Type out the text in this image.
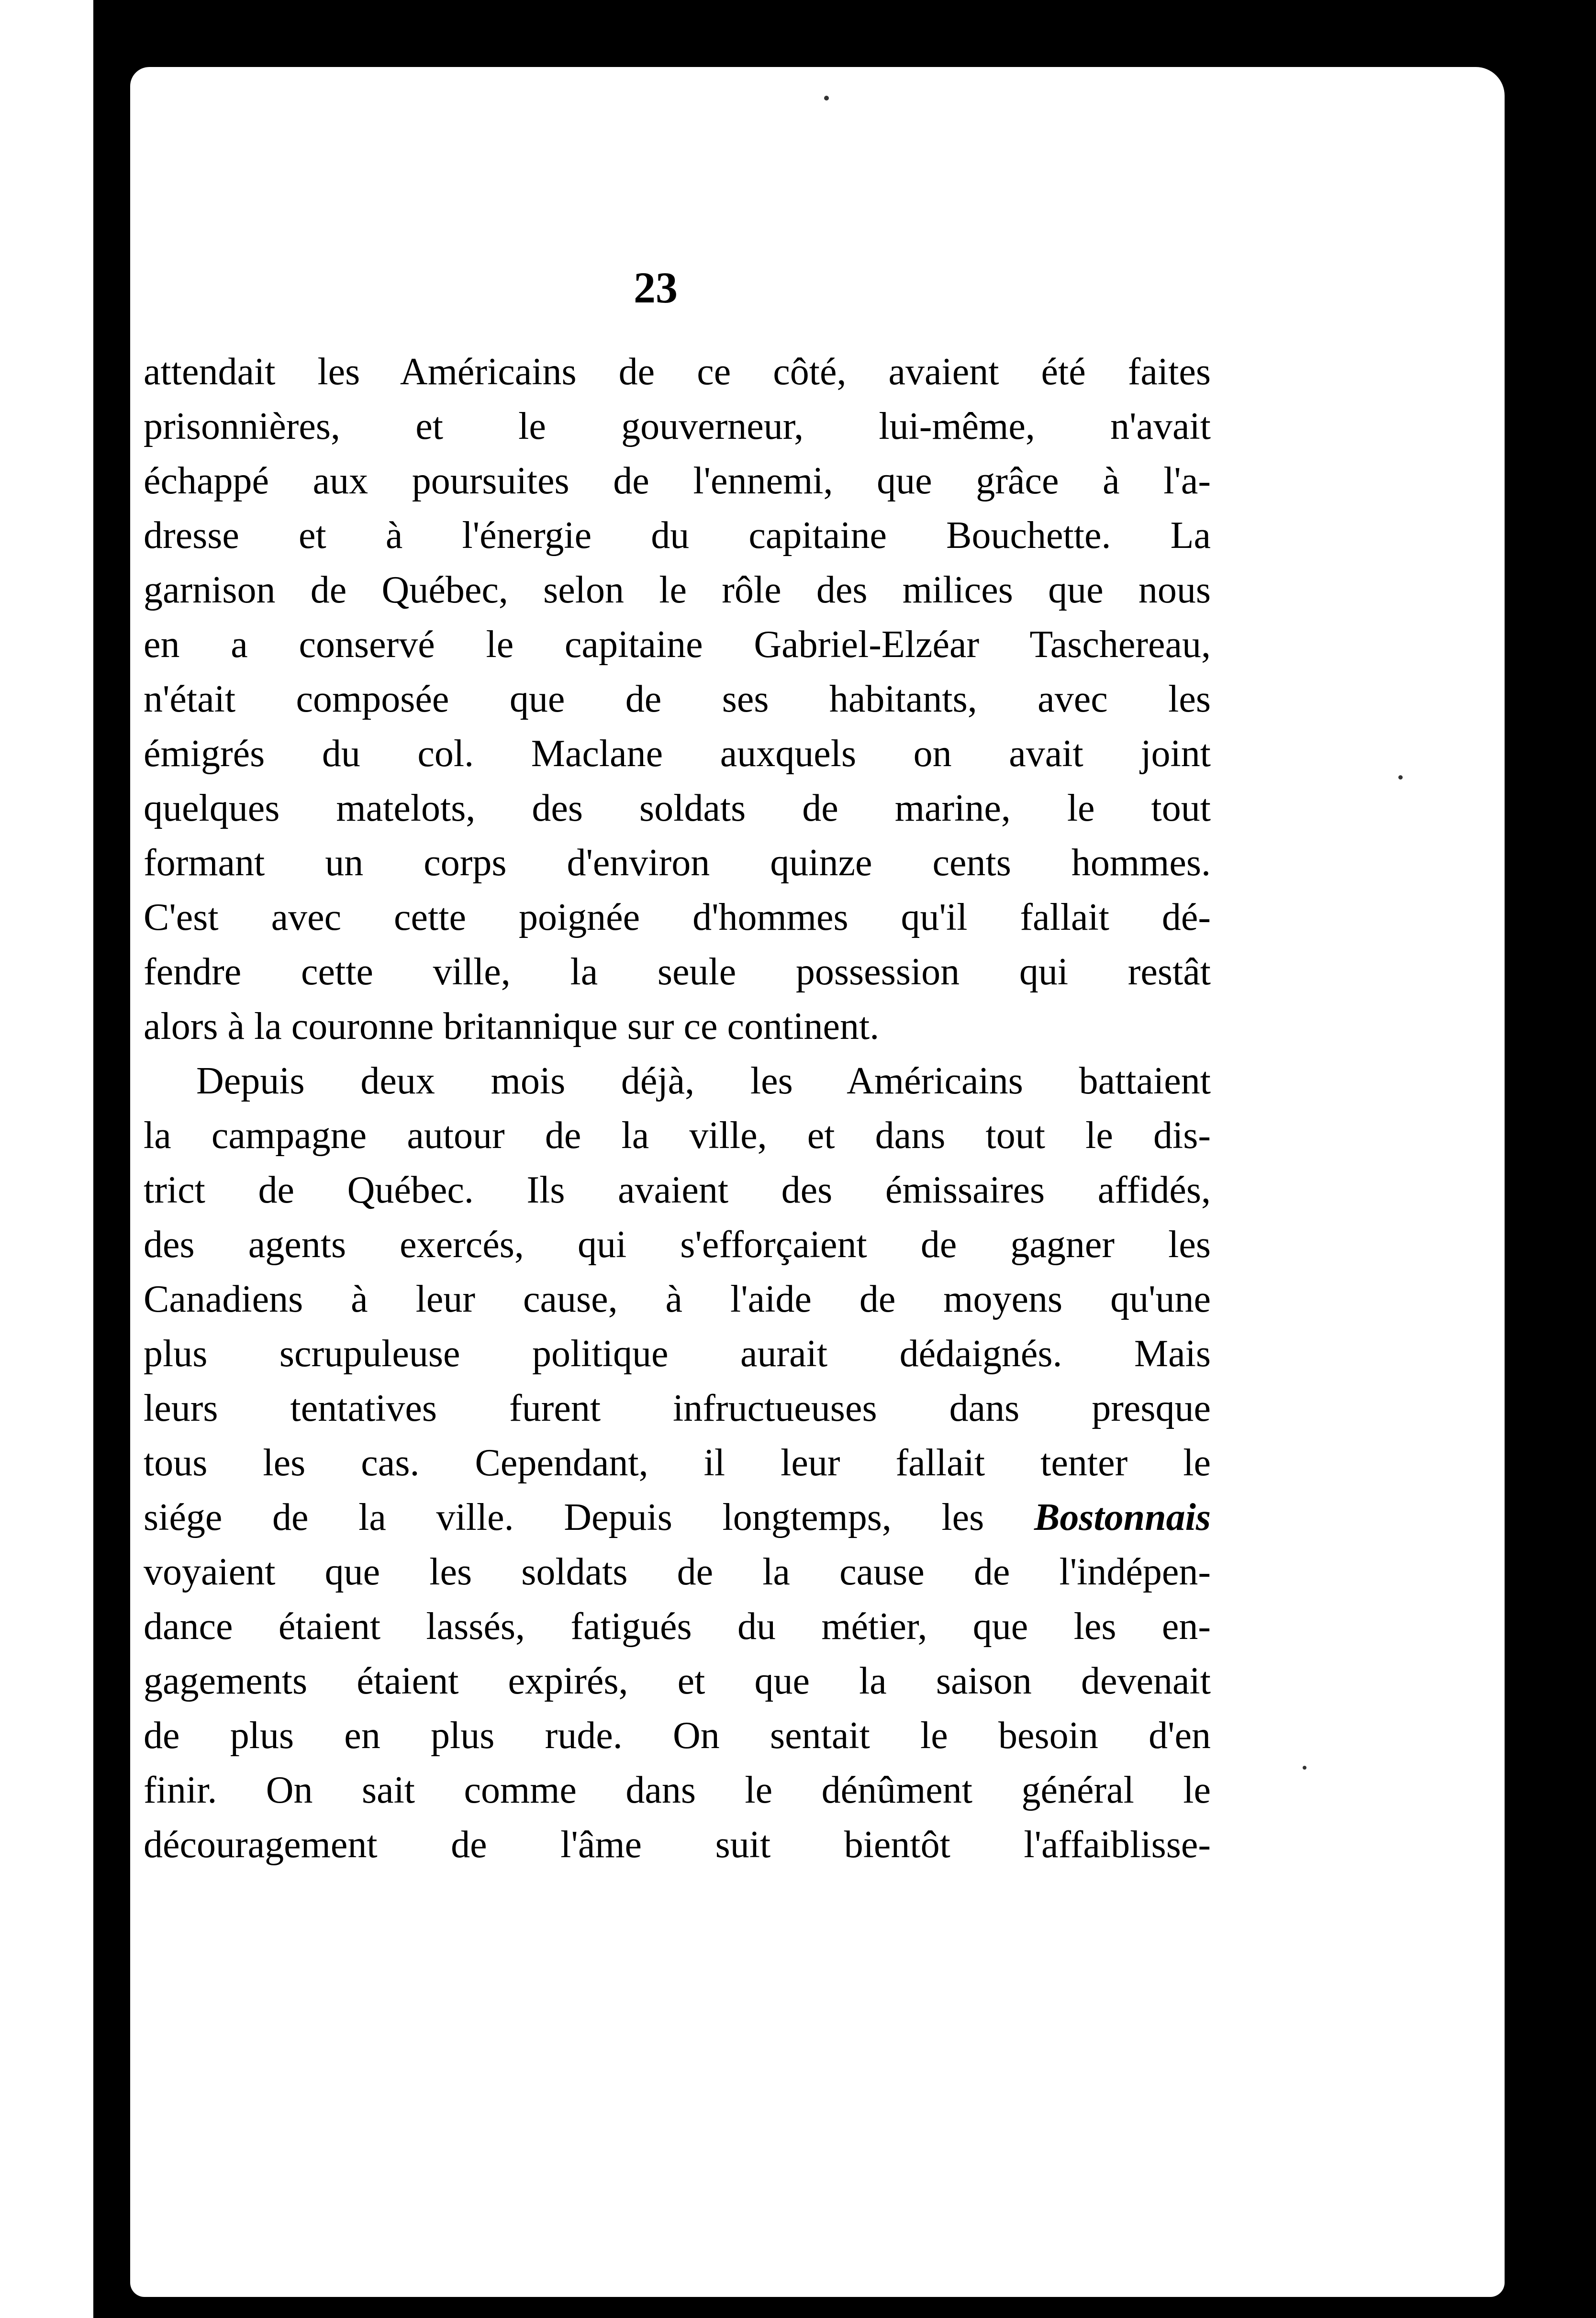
23
attendait les Américains de ce côté, avaient été faites
prisonnières, et le gouverneur, lui-même, n'avait
échappé aux poursuites de l'ennemi, que grâce à l'a-
dresse et à l'énergie du capitaine Bouchette. La
garnison de Québec, selon le rôle des milices que nous
en a conservé le capitaine Gabriel-Elzéar Taschereau,
n'était composée que de ses habitants, avec les
émigrés du col. Maclane auxquels on avait joint
quelques matelots, des soldats de marine, le tout
formant un corps d'environ quinze cents hommes.
C'est avec cette poignée d'hommes qu'il fallait dé-
fendre cette ville, la seule possession qui restât
alors à la couronne britannique sur ce continent.
Depuis deux mois déjà, les Américains battaient
la campagne autour de la ville, et dans tout le dis-
trict de Québec. Ils avaient des émissaires affidés,
des agents exercés, qui s'efforçaient de gagner les
Canadiens à leur cause, à l'aide de moyens qu'une
plus scrupuleuse politique aurait dédaignés. Mais
leurs tentatives furent infructueuses dans presque
tous les cas. Cependant, il leur fallait tenter le
siége de la ville. Depuis longtemps, les Bostonnais
voyaient que les soldats de la cause de l'indépen-
dance étaient lassés, fatigués du métier, que les en-
gagements étaient expirés, et que la saison devenait
de plus en plus rude. On sentait le besoin d'en
finir. On sait comme dans le dénûment général le
découragement de l'âme suit bientôt l'affaiblisse-
